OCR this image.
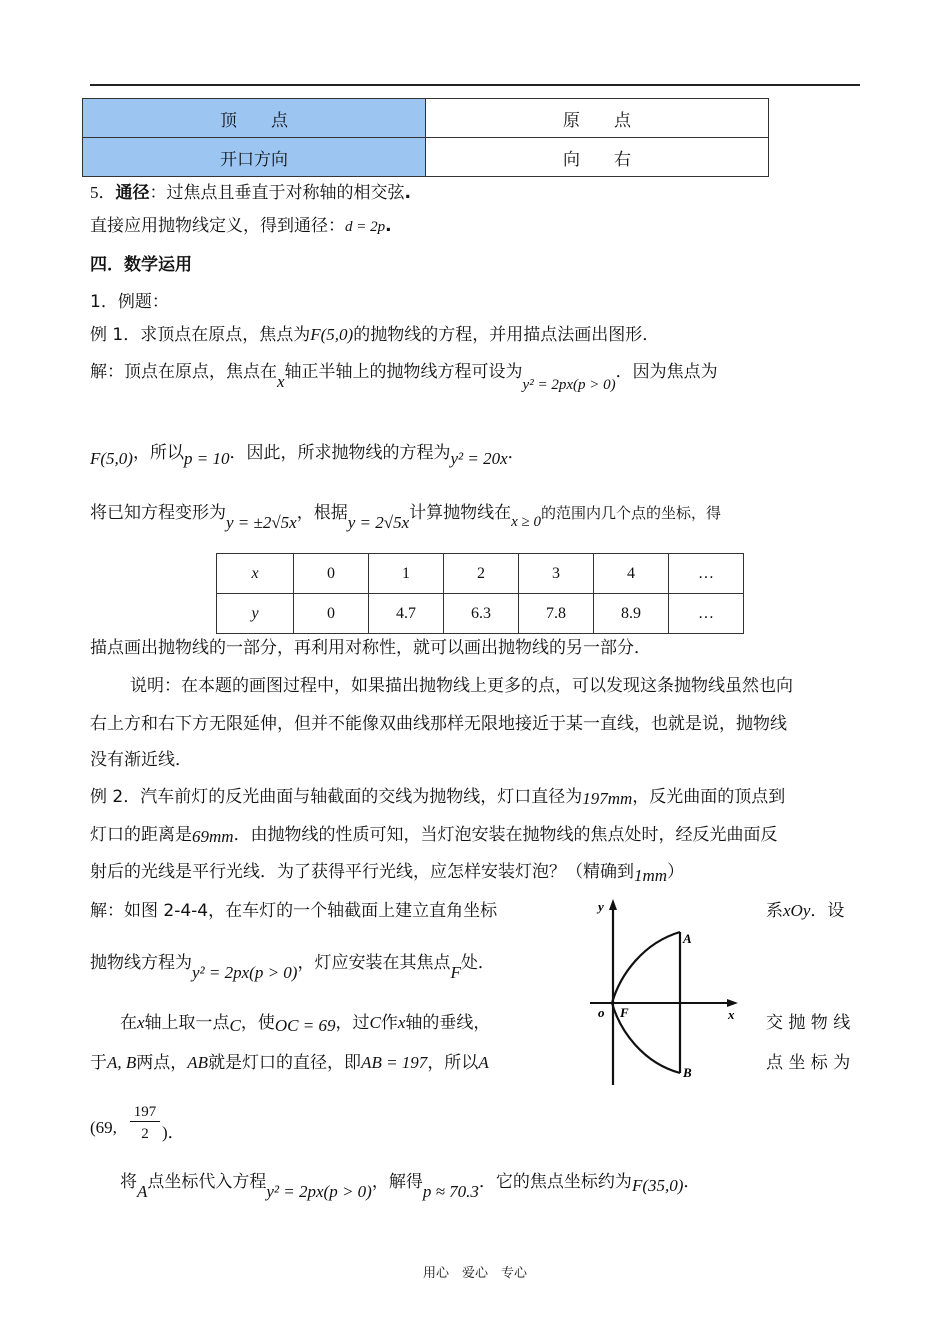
顶　　点	原　　点
开口方向	向　　右
5．通径：过焦点且垂直于对称轴的相交弦.
直接应用抛物线定义，得到通径：d = 2p.
四．数学运用
1．例题：
例 1．求顶点在原点，焦点为F(5,0)的抛物线的方程，并用描点法画出图形．
解：顶点在原点，焦点在x轴正半轴上的抛物线方程可设为y² = 2px(p > 0)．因为焦点为
F(5,0)，所以p = 10．因此，所求抛物线的方程为y² = 20x．
将已知方程变形为y = ±2√5x，根据y = 2√5x计算抛物线在x ≥ 0的范围内几个点的坐标，得
x	0	1	2	3	4	…
y	0	4.7	6.3	7.8	8.9	…
描点画出抛物线的一部分，再利用对称性，就可以画出抛物线的另一部分．
说明：在本题的画图过程中，如果描出抛物线上更多的点，可以发现这条抛物线虽然也向
右上方和右下方无限延伸，但并不能像双曲线那样无限地接近于某一直线，也就是说，抛物线
没有渐近线．
例 2．汽车前灯的反光曲面与轴截面的交线为抛物线，灯口直径为197mm，反光曲面的顶点到
灯口的距离是69mm．由抛物线的性质可知，当灯泡安装在抛物线的焦点处时，经反光曲面反
射后的光线是平行光线．为了获得平行光线，应怎样安装灯泡？（精确到1mm）
解：如图 2-4-4，在车灯的一个轴截面上建立直角坐标	系xOy．设
抛物线方程为y² = 2px(p > 0)，灯应安装在其焦点F处．
在x轴上取一点C，使OC = 69，过C作x轴的垂线，	交 抛 物 线
于A, B两点，AB就是灯口的直径，即AB = 197，所以A	点 坐 标 为
(69,
197
2 )．
将A点坐标代入方程y² = 2px(p > 0)，解得p ≈ 70.3．它的焦点坐标约为F(35,0)．
y
x
o F
A
B
用心　爱心　专心
